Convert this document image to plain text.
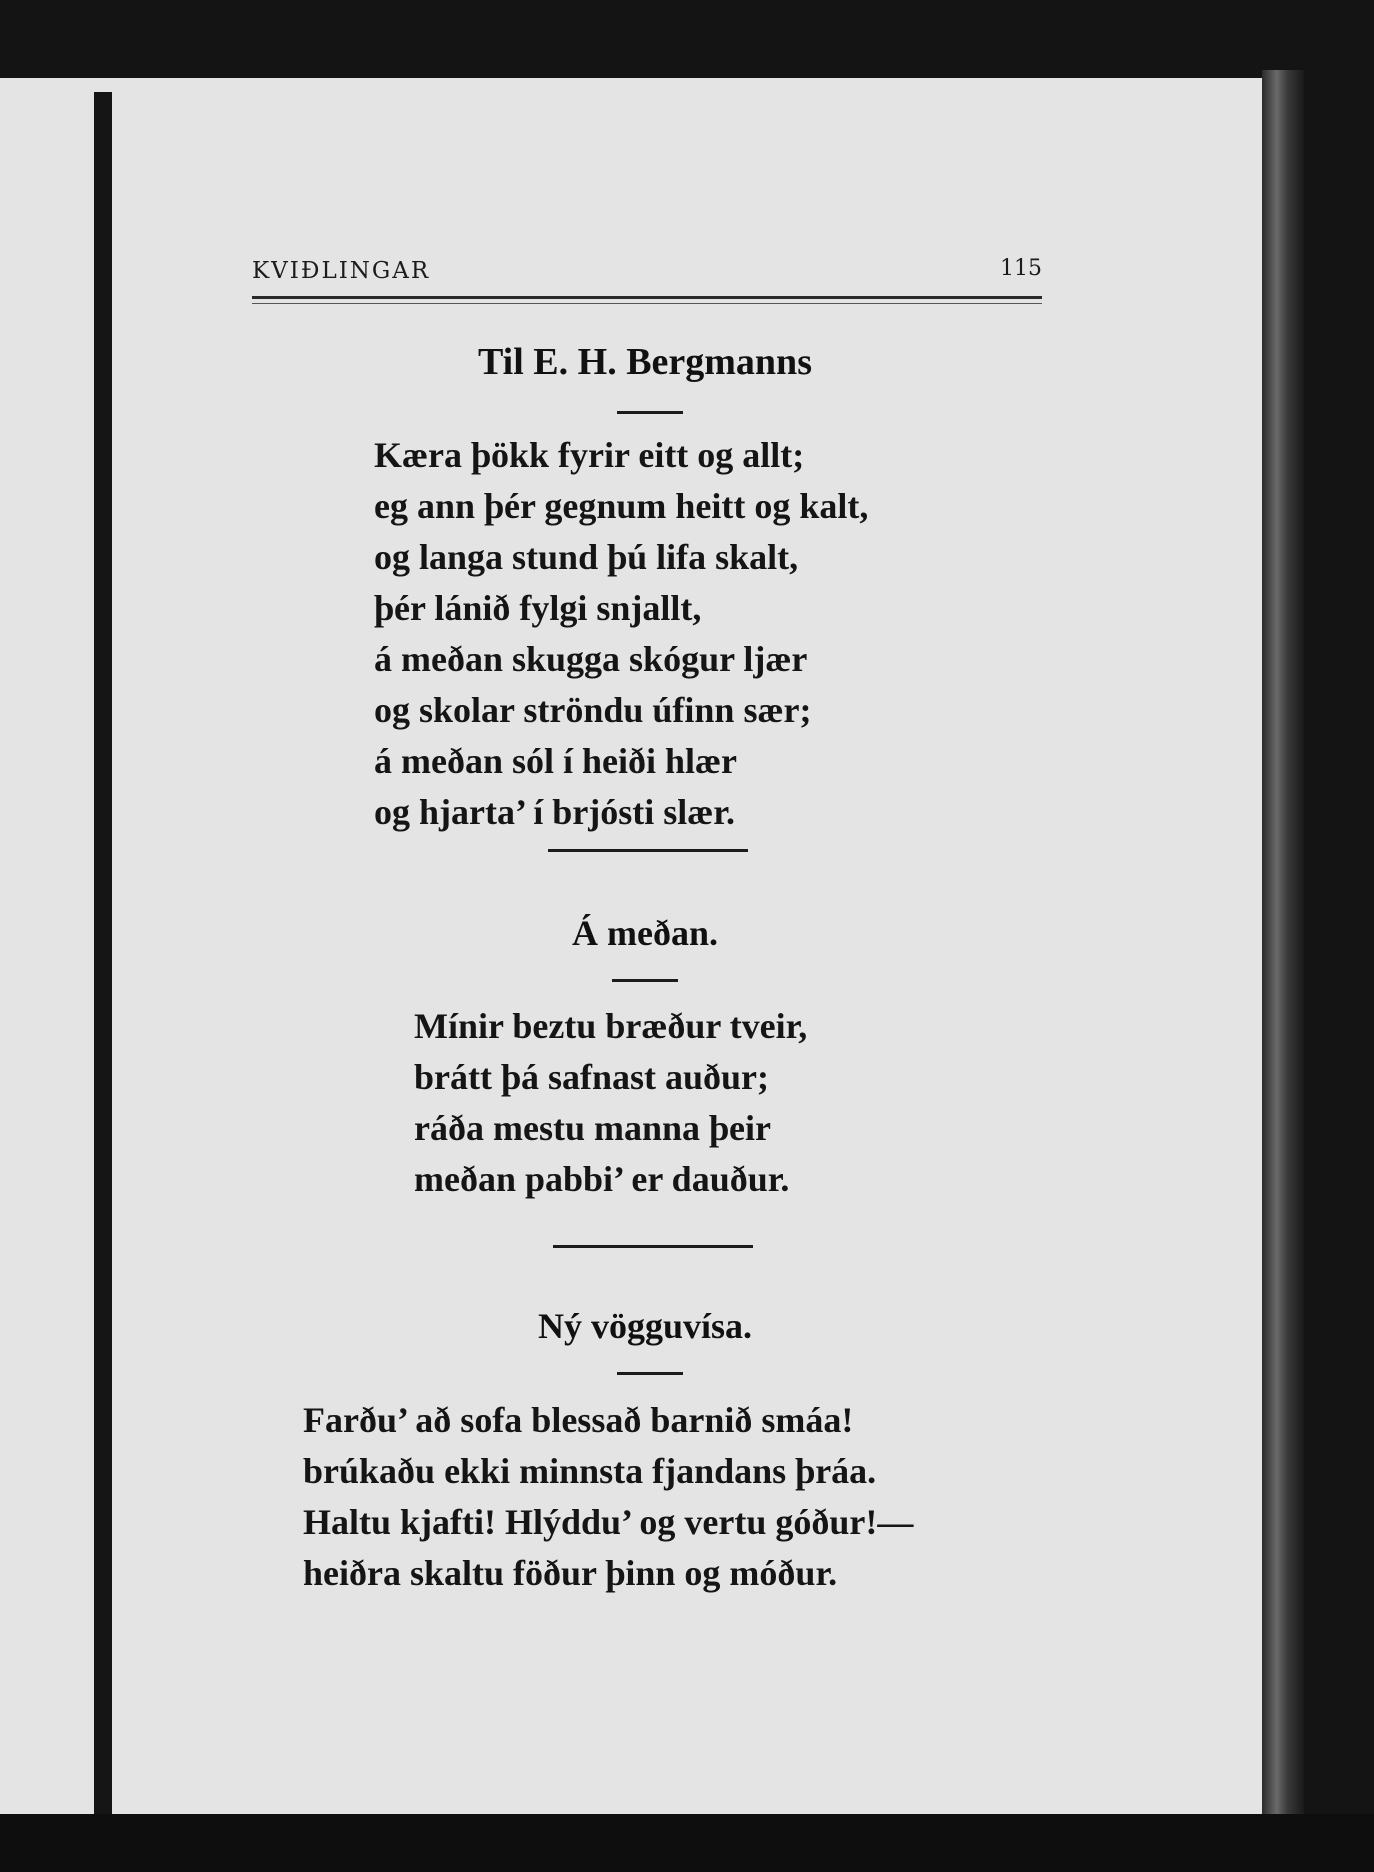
KVIÐLINGAR	115
Til E. H. Bergmanns
Kæra þökk fyrir eitt og allt;
eg ann þér gegnum heitt og kalt,
og langa stund þú lifa skalt,
þér lánið fylgi snjallt,
á meðan skugga skógur ljær
og skolar ströndu úfinn sær;
á meðan sól í heiði hlær
og hjarta’ í brjósti slær.
Á meðan.
Mínir beztu bræður tveir,
brátt þá safnast auður;
ráða mestu manna þeir
meðan pabbi’ er dauður.
Ný vögguvísa.
Farðu’ að sofa blessað barnið smáa!
brúkaðu ekki minnsta fjandans þráa.
Haltu kjafti! Hlýddu’ og vertu góður!—
heiðra skaltu föður þinn og móður.
